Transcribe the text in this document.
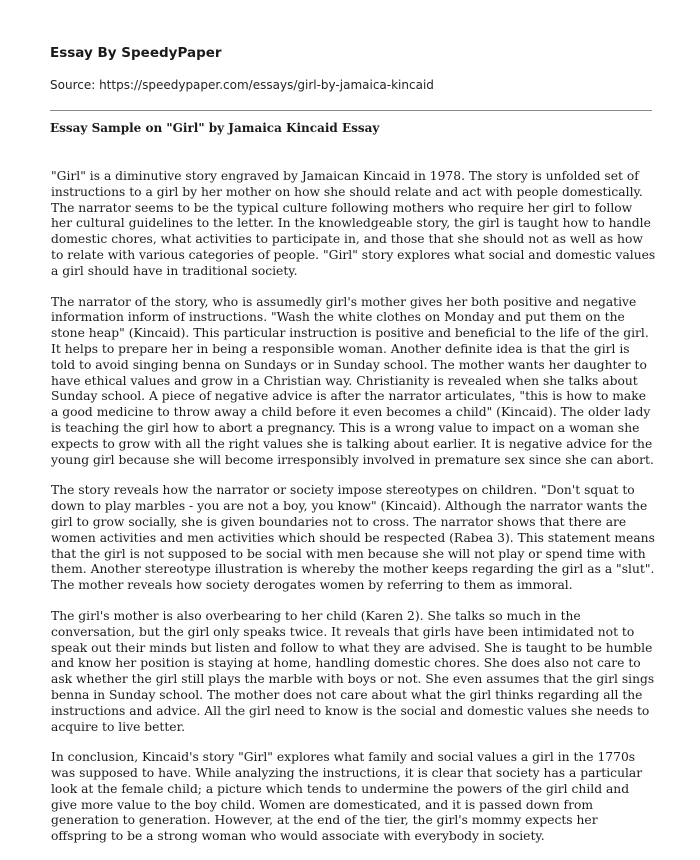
Essay By SpeedyPaper

Source: https://speedypaper.com/essays/girl-by-jamaica-kincaid

Essay Sample on "Girl" by Jamaica Kincaid Essay

"Girl" is a diminutive story engraved by Jamaican Kincaid in 1978. The story is unfolded set of instructions to a girl by her mother on how she should relate and act with people domestically. The narrator seems to be the typical culture following mothers who require her girl to follow her cultural guidelines to the letter. In the knowledgeable story, the girl is taught how to handle domestic chores, what activities to participate in, and those that she should not as well as how to relate with various categories of people. "Girl" story explores what social and domestic values a girl should have in traditional society.

The narrator of the story, who is assumedly girl's mother gives her both positive and negative information inform of instructions. "Wash the white clothes on Monday and put them on the stone heap" (Kincaid). This particular instruction is positive and beneficial to the life of the girl. It helps to prepare her in being a responsible woman. Another definite idea is that the girl is told to avoid singing benna on Sundays or in Sunday school. The mother wants her daughter to have ethical values and grow in a Christian way. Christianity is revealed when she talks about Sunday school. A piece of negative advice is after the narrator articulates, "this is how to make a good medicine to throw away a child before it even becomes a child" (Kincaid). The older lady is teaching the girl how to abort a pregnancy. This is a wrong value to impact on a woman she expects to grow with all the right values she is talking about earlier. It is negative advice for the young girl because she will become irresponsibly involved in premature sex since she can abort.

The story reveals how the narrator or society impose stereotypes on children. "Don't squat to down to play marbles - you are not a boy, you know" (Kincaid). Although the narrator wants the girl to grow socially, she is given boundaries not to cross. The narrator shows that there are women activities and men activities which should be respected (Rabea 3). This statement means that the girl is not supposed to be social with men because she will not play or spend time with them. Another stereotype illustration is whereby the mother keeps regarding the girl as a "slut". The mother reveals how society derogates women by referring to them as immoral.

The girl's mother is also overbearing to her child (Karen 2). She talks so much in the conversation, but the girl only speaks twice. It reveals that girls have been intimidated not to speak out their minds but listen and follow to what they are advised. She is taught to be humble and know her position is staying at home, handling domestic chores. She does also not care to ask whether the girl still plays the marble with boys or not. She even assumes that the girl sings benna in Sunday school. The mother does not care about what the girl thinks regarding all the instructions and advice. All the girl need to know is the social and domestic values she needs to acquire to live better.

In conclusion, Kincaid's story "Girl" explores what family and social values a girl in the 1770s was supposed to have. While analyzing the instructions, it is clear that society has a particular look at the female child; a picture which tends to undermine the powers of the girl child and give more value to the boy child. Women are domesticated, and it is passed down from generation to generation. However, at the end of the tier, the girl's mommy expects her offspring to be a strong woman who would associate with everybody in society.
